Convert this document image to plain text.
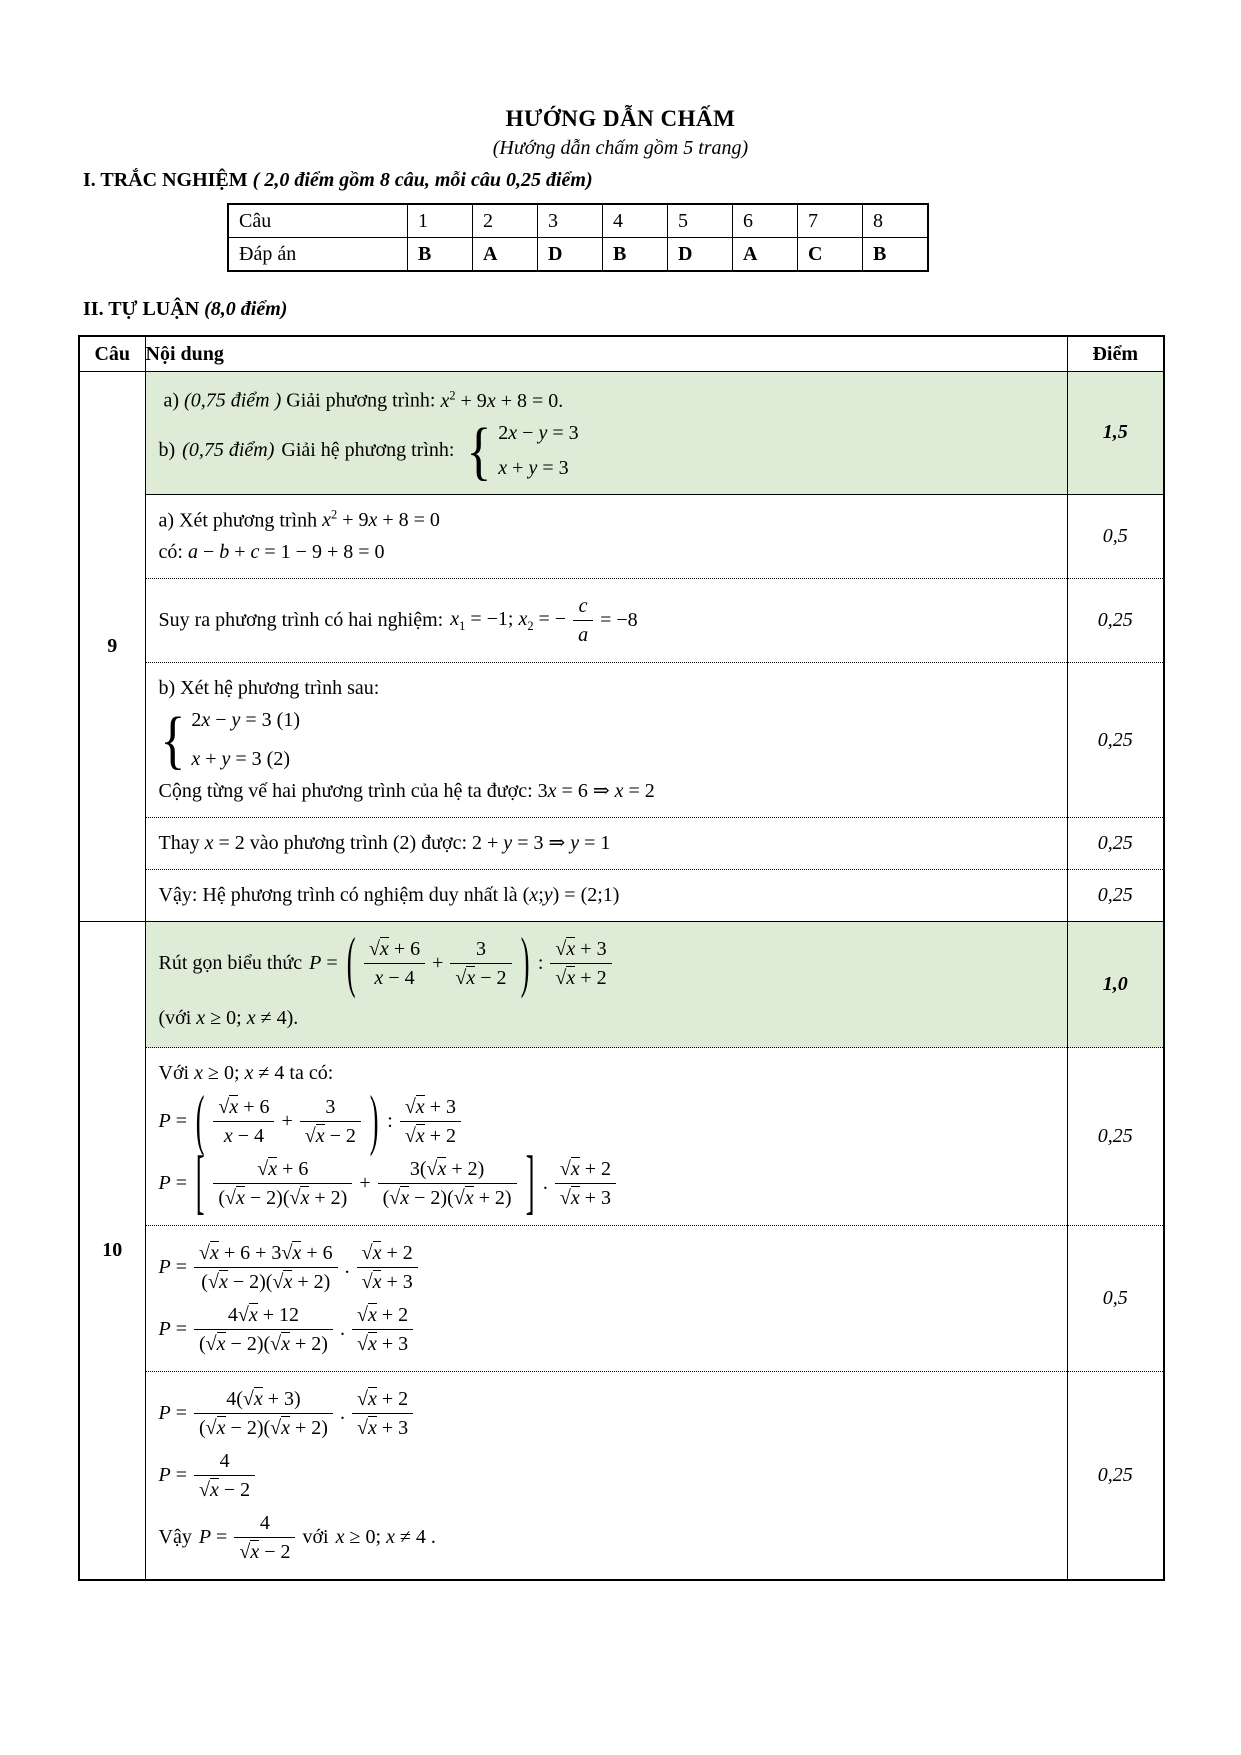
HƯỚNG DẪN CHẤM
(Hướng dẫn chấm gồm 5 trang)
I. TRẮC NGHIỆM ( 2,0 điểm gồm 8 câu, mỗi câu 0,25 điểm)
Câu	1	2	3	4	5	6	7	8
Đáp án	B	A	D	B	D	A	C	B
II. TỰ LUẬN (8,0 điểm)
Câu	Nội dung	Điểm
9	
a) (0,75 điểm ) Giải phương trình: $x^2 + 9x + 8 = 0$.
b) (0,75 điểm) Giải hệ phương trình: { 2x − y = 3
x + y = 3
	1,5

	a) Xét phương trình $x^2 + 9x + 8 = 0$
có: a − b + c = 1 − 9 + 8 = 0	0,5

	Suy ra phương trình có hai nghiệm: $x_1 = -1$; $x_2$ = − $\frac{c}{a} = -8$	0,25

	b) Xét hệ phương trình sau:
{ 2x − y = 3 (1)
x + y = 3 (2)
Cộng từng vế hai phương trình của hệ ta được: 3x = 6 ⇒ x = 2	0,25

	Thay x = 2 vào phương trình (2) được: 2 + y = 3 ⇒ y = 1	0,25

	Vậy: Hệ phương trình có nghiệm duy nhất là (x;y) = (2;1)	0,25
10	
Rút gọn biểu thức P = ( $\frac{√x + 6}{x - 4} + \frac{3}{√x - 2}$ ) : $\frac{√x + 3}{√x + 2}$
(với x ≥ 0; x ≠ 4).
	1,0

Với x ≥ 0; x ≠ 4 ta có:
P = ( $\frac{√x + 6}{x - 4} + \frac{3}{√x - 2}$ ) : $\frac{√x + 3}{√x + 2}$
P = [ $\frac{√x + 6}{(√x - 2)(√x + 2)} + \frac{3(√x + 2)}{(√x - 2)(√x + 2)}$ ] . $\frac{√x + 2}{√x + 3}$
	0,25

$P = \frac{√x + 6 + 3√x + 6}{(√x - 2)(√x + 2)}$ . $\frac{√x + 2}{√x + 3}$
$P = \frac{4√x + 12}{(√x - 2)(√x + 2)}$ . $\frac{√x + 2}{√x + 3}$
	0,5

$P = \frac{4(√x + 3)}{(√x - 2)(√x + 2)}$ . $\frac{√x + 2}{√x + 3}$
$P = \frac{4}{√x - 2}$
Vậy $P = \frac{4}{√x - 2}$ với x ≥ 0; x ≠ 4 .
	0,25
